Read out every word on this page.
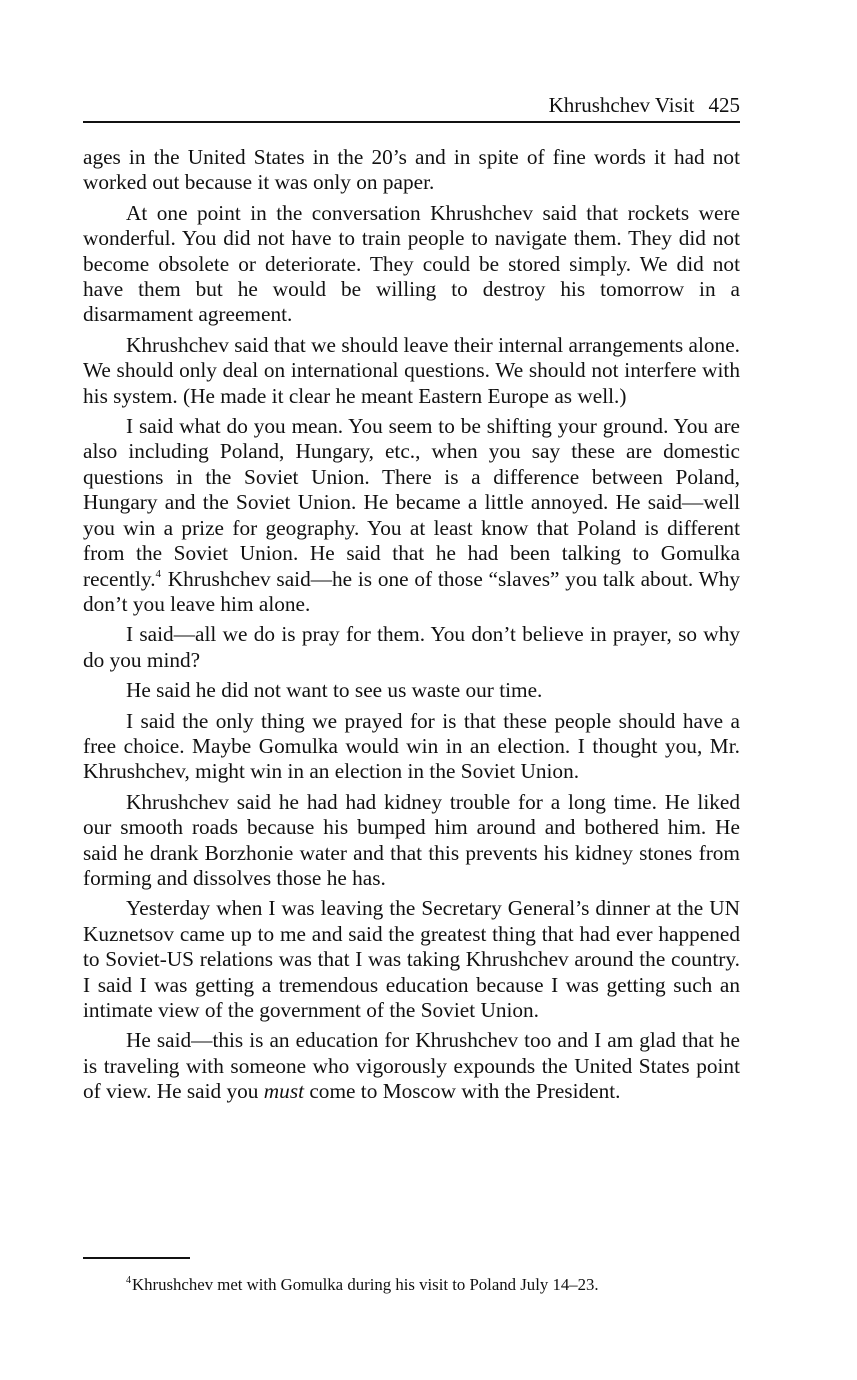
Khrushchev Visit 425

ages in the United States in the 20’s and in spite of fine words it had not worked out because it was only on paper.

At one point in the conversation Khrushchev said that rockets were wonderful. You did not have to train people to navigate them. They did not become obsolete or deteriorate. They could be stored simply. We did not have them but he would be willing to destroy his tomorrow in a disarmament agreement.

Khrushchev said that we should leave their internal arrangements alone. We should only deal on international questions. We should not interfere with his system. (He made it clear he meant Eastern Europe as well.)

I said what do you mean. You seem to be shifting your ground. You are also including Poland, Hungary, etc., when you say these are domestic questions in the Soviet Union. There is a difference between Poland, Hungary and the Soviet Union. He became a little annoyed. He said—well you win a prize for geography. You at least know that Poland is different from the Soviet Union. He said that he had been talking to Gomulka recently.$^4$ Khrushchev said—he is one of those “slaves” you talk about. Why don’t you leave him alone.

I said—all we do is pray for them. You don’t believe in prayer, so why do you mind?

He said he did not want to see us waste our time.

I said the only thing we prayed for is that these people should have a free choice. Maybe Gomulka would win in an election. I thought you, Mr. Khrushchev, might win in an election in the Soviet Union.

Khrushchev said he had had kidney trouble for a long time. He liked our smooth roads because his bumped him around and bothered him. He said he drank Borzhonie water and that this prevents his kidney stones from forming and dissolves those he has.

Yesterday when I was leaving the Secretary General’s dinner at the UN Kuznetsov came up to me and said the greatest thing that had ever happened to Soviet-US relations was that I was taking Khrushchev around the country. I said I was getting a tremendous education because I was getting such an intimate view of the government of the Soviet Union.

He said—this is an education for Khrushchev too and I am glad that he is traveling with someone who vigorously expounds the United States point of view. He said you must come to Moscow with the President.

$^4$Khrushchev met with Gomulka during his visit to Poland July 14–23.
